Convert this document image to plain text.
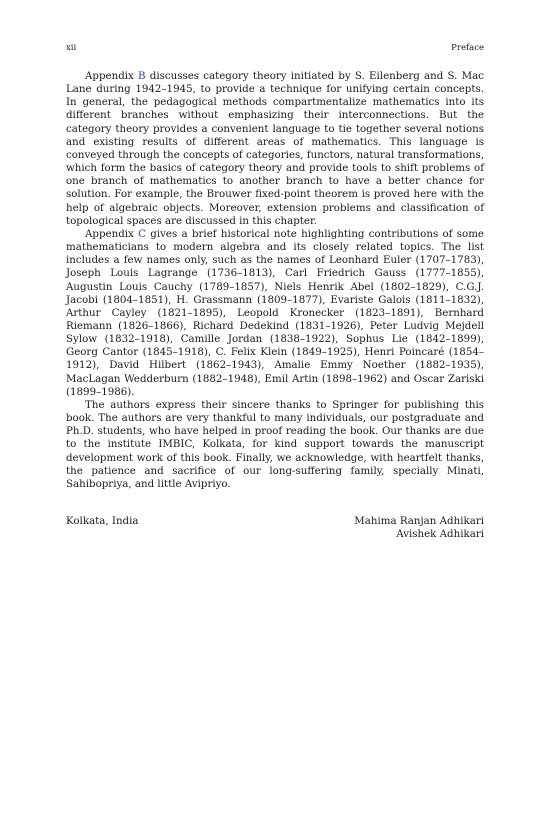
xii	Preface

Appendix B discusses category theory initiated by S. Eilenberg and S. Mac Lane during 1942–1945, to provide a technique for unifying certain concepts. In general, the pedagogical methods compartmentalize mathematics into its different branches without emphasizing their interconnections. But the category theory provides a convenient language to tie together several notions and existing results of different areas of mathematics. This language is conveyed through the concepts of categories, functors, natural transformations, which form the basics of category theory and provide tools to shift problems of one branch of mathematics to another branch to have a better chance for solution. For example, the Brouwer fixed-point theorem is proved here with the help of algebraic objects. Moreover, extension problems and classification of topological spaces are discussed in this chapter.

Appendix C gives a brief historical note highlighting contributions of some mathematicians to modern algebra and its closely related topics. The list includes a few names only, such as the names of Leonhard Euler (1707–1783), Joseph Louis Lagrange (1736–1813), Carl Friedrich Gauss (1777–1855), Augustin Louis Cauchy (1789–1857), Niels Henrik Abel (1802–1829), C.G.J. Jacobi (1804–1851), H. Grassmann (1809–1877), Evariste Galois (1811–1832), Arthur Cayley (1821–1895), Leopold Kronecker (1823–1891), Bernhard Riemann (1826–1866), Richard Dedekind (1831–1926), Peter Ludvig Mejdell Sylow (1832–1918), Camille Jordan (1838–1922), Sophus Lie (1842–1899), Georg Cantor (1845–1918), C. Felix Klein (1849–1925), Henri Poincaré (1854–1912), David Hilbert (1862–1943), Amalie Emmy Noether (1882–1935), MacLagan Wedderburn (1882–1948), Emil Artin (1898–1962) and Oscar Zariski (1899–1986).

The authors express their sincere thanks to Springer for publishing this book. The authors are very thankful to many individuals, our postgraduate and Ph.D. students, who have helped in proof reading the book. Our thanks are due to the institute IMBIC, Kolkata, for kind support towards the manuscript development work of this book. Finally, we acknowledge, with heartfelt thanks, the patience and sacrifice of our long-suffering family, specially Minati, Sahibopriya, and little Avipriyo.

Kolkata, India	Mahima Ranjan Adhikari
Avishek Adhikari
